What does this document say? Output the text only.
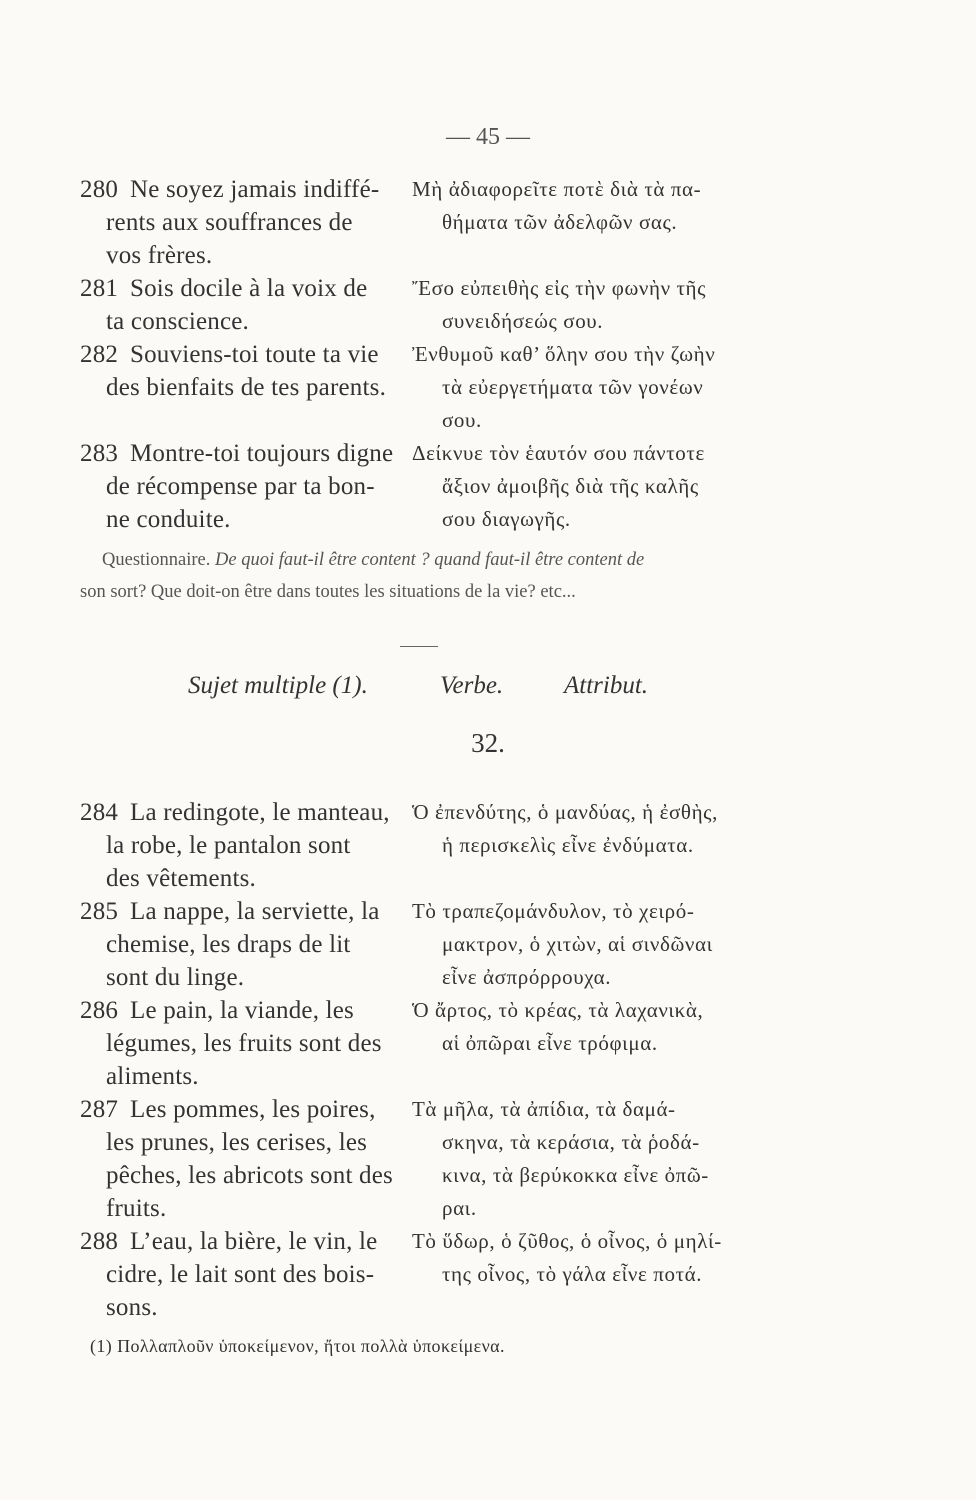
— 45 —
280 Ne soyez jamais indiffé-
rents aux souffrances de
vos frères.
Μὴ ἀδιαφορεῖτε ποτὲ διὰ τὰ πα-
θήματα τῶν ἀδελφῶν σας.
281 Sois docile à la voix de
ta conscience.
Ἔσο εὐπειθὴς εἰς τὴν φωνὴν τῆς
συνειδήσεώς σου.
282 Souviens-toi toute ta vie
des bienfaits de tes parents.
Ἐνθυμοῦ καθ’ ὅλην σου τὴν ζωὴν
τὰ εὐεργετήματα τῶν γονέων
σου.
283 Montre-toi toujours digne
de récompense par ta bon-
ne conduite.
Δείκνυε τὸν ἑαυτόν σου πάντοτε
ἄξιον ἀμοιβῆς διὰ τῆς καλῆς
σου διαγωγῆς.
Questionnaire. De quoi faut-il être content ? quand faut-il être content de
son sort? Que doit-on être dans toutes les situations de la vie? etc...
Sujet multiple (1).	Verbe. Attribut.
32.
284 La redingote, le manteau,
la robe, le pantalon sont
des vêtements.
Ὁ ἐπενδύτης, ὁ μανδύας, ἡ ἐσθὴς,
ἡ περισκελὶς εἶνε ἐνδύματα.
285 La nappe, la serviette, la
chemise, les draps de lit
sont du linge.
Τὸ τραπεζομάνδυλον, τὸ χειρό-
μακτρον, ὁ χιτὼν, αἱ σινδῶναι
εἶνε ἀσπρόρρουχα.
286 Le pain, la viande, les
légumes, les fruits sont des
aliments.
Ὁ ἄρτος, τὸ κρέας, τὰ λαχανικὰ,
αἱ ὀπῶραι εἶνε τρόφιμα.
287 Les pommes, les poires,
les prunes, les cerises, les
pêches, les abricots sont des
fruits.
Τὰ μῆλα, τὰ ἀπίδια, τὰ δαμά-
σκηνα, τὰ κεράσια, τὰ ῥοδά-
κινα, τὰ βερύκοκκα εἶνε ὀπῶ-
ραι.
288 L’eau, la bière, le vin, le
cidre, le lait sont des bois-
sons.
Τὸ ὕδωρ, ὁ ζῦθος, ὁ οἶνος, ὁ μηλί-
της οἶνος, τὸ γάλα εἶνε ποτά.
(1) Πολλαπλοῦν ὑποκείμενον, ἤτοι πολλὰ ὑποκείμενα.
